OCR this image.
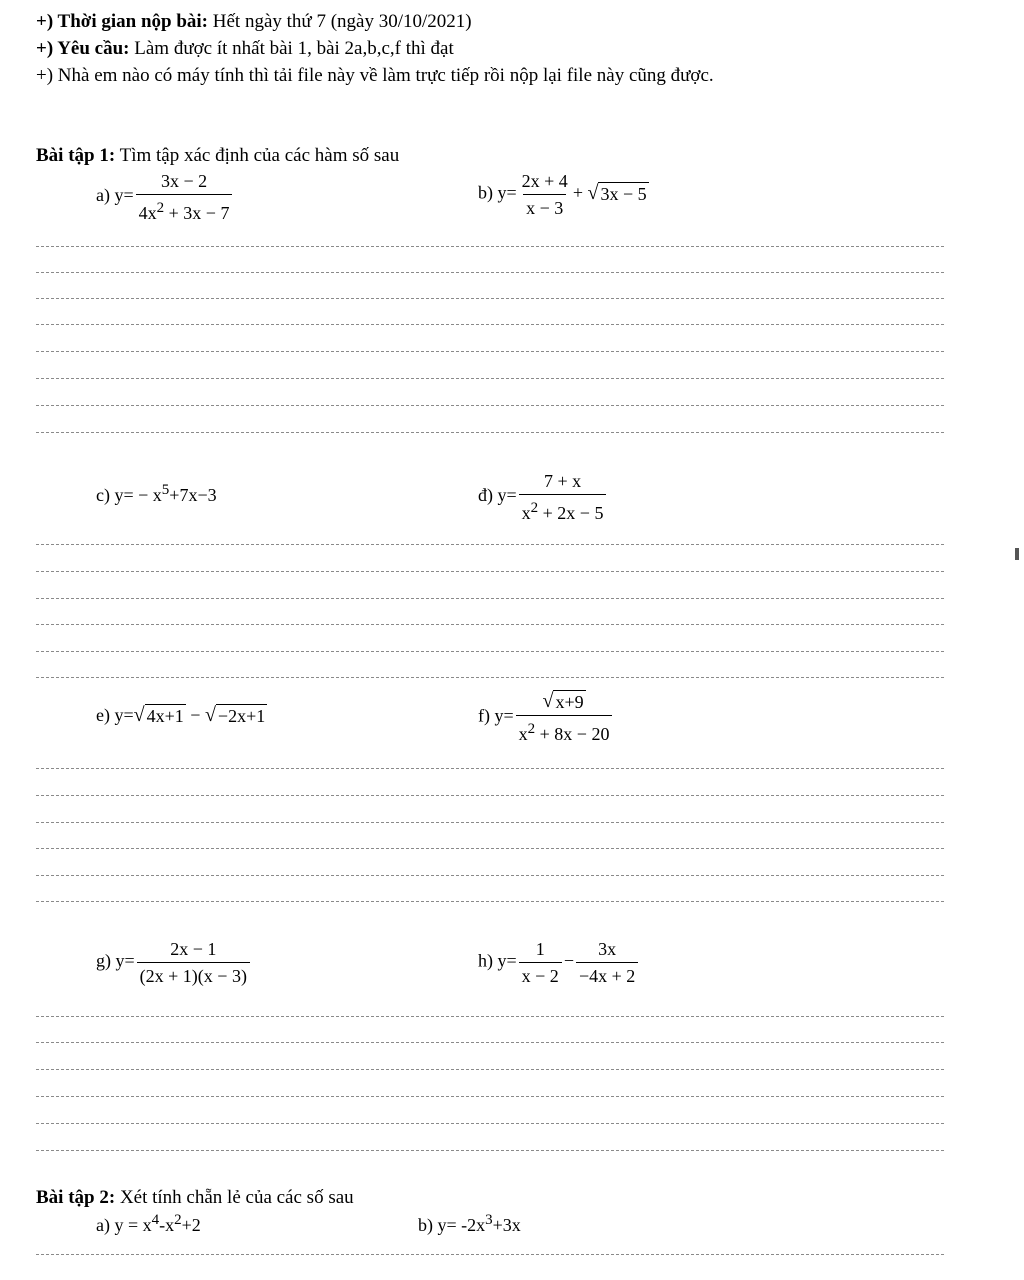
+) Thời gian nộp bài: Hết ngày thứ 7 (ngày 30/10/2021)
+) Yêu cầu: Làm được ít nhất bài 1, bài 2a,b,c,f thì đạt
+) Nhà em nào có máy tính thì tải file này về làm trực tiếp rồi nộp lại file này cũng được.
Bài tập 1: Tìm tập xác định của các hàm số sau
a) $y= \frac{3x - 2}{4x^2 + 3x - 7}$	b) $y= \frac{2x + 4}{x - 3}$ + √ 3x − 5
c) $y= - x^5+7x-3$	đ) $y= \frac{7 + x}{x^2 + 2x - 5}$
e) y= √ 4x+1 − √ −2x+1	f) $y= \frac{√ x+9}{x^2 + 8x - 20}$
g) $y= \frac{2x - 1}{(2x + 1)(x - 3)}$	h) $y= \frac{1}{x - 2} - \frac{3x}{-4x + 2}$
Bài tập 2: Xét tính chẵn lẻ của các số sau
a) $y = x^4-x^2+2$	b) $y= -2x^3+3x$
